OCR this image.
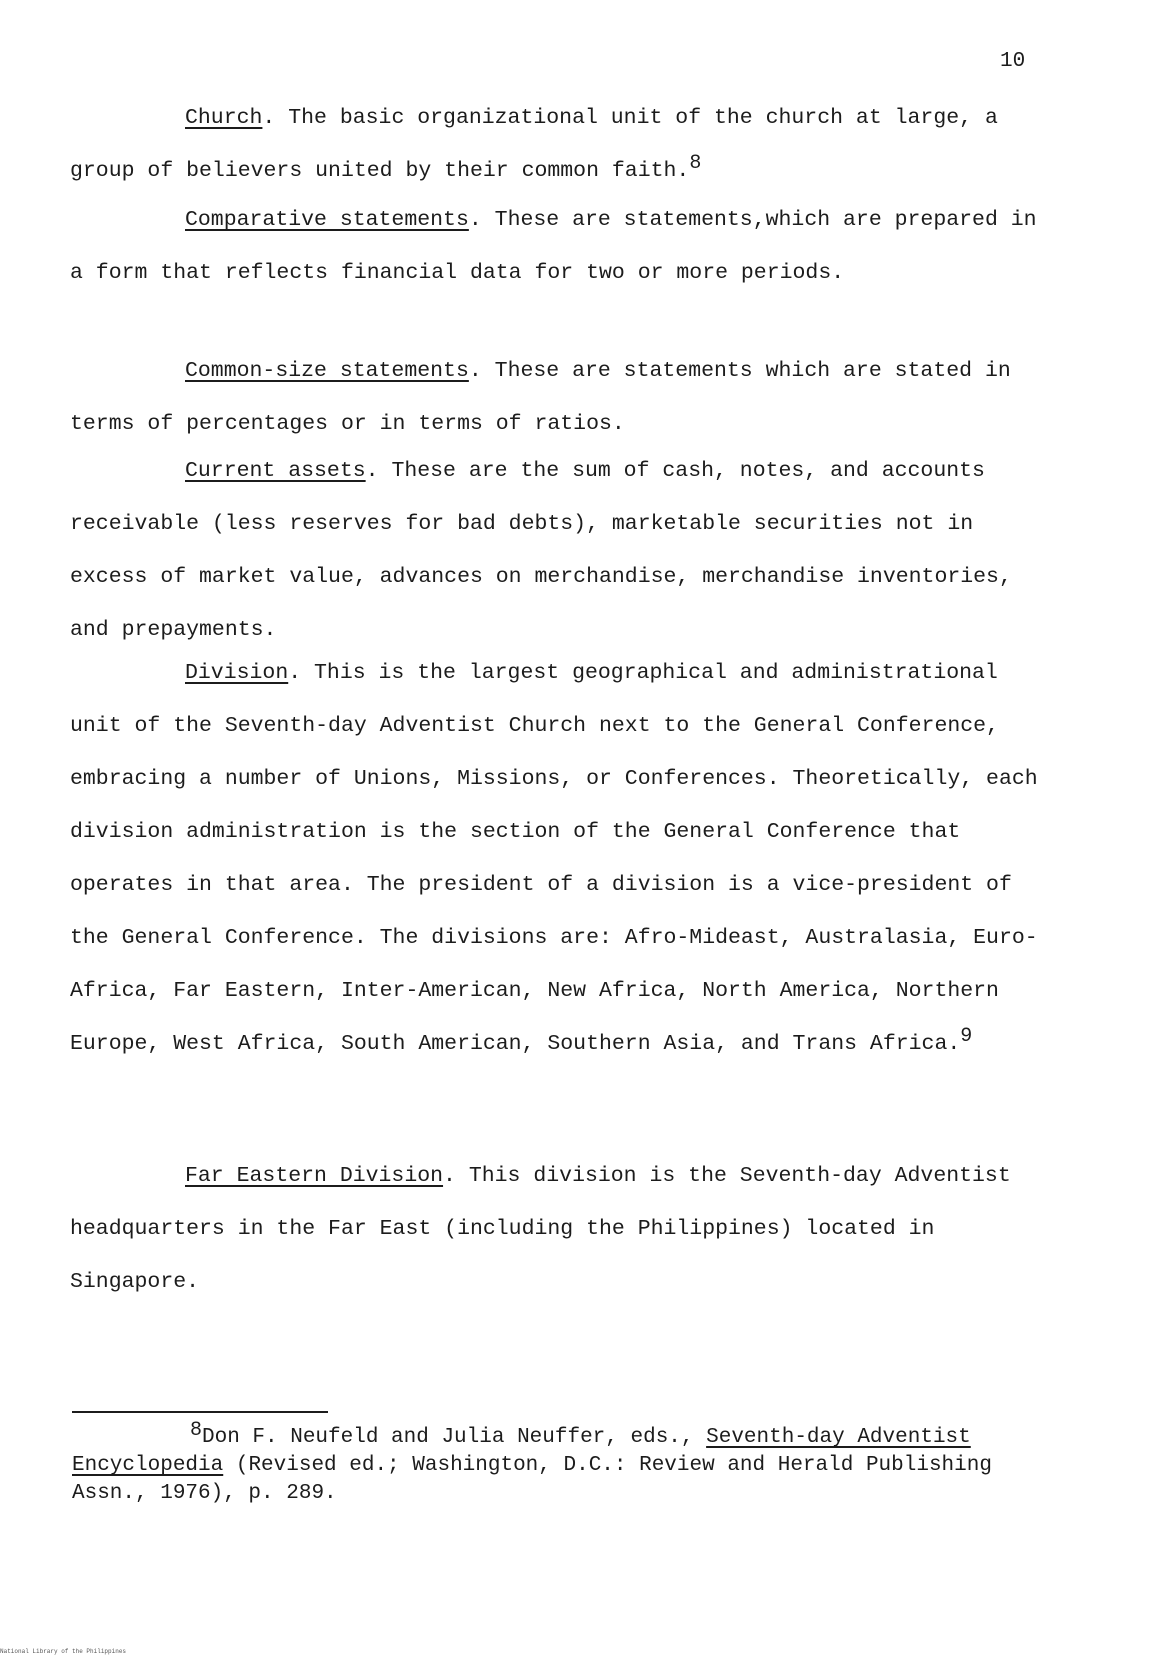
10
Church. The basic organizational unit of the church at large, a group of believers united by their common faith.$^8$
Comparative statements. These are statements,which are prepared in a form that reflects financial data for two or more periods.
Common-size statements. These are statements which are stated in terms of percentages or in terms of ratios.
Current assets. These are the sum of cash, notes, and accounts receivable (less reserves for bad debts), marketable securities not in excess of market value, advances on merchandise, merchandise inventories, and prepayments.
Division. This is the largest geographical and administrational unit of the Seventh-day Adventist Church next to the General Conference, embracing a number of Unions, Missions, or Conferences. Theoretically, each division administration is the section of the General Conference that operates in that area. The president of a division is a vice-president of the General Conference. The divisions are: Afro-Mideast, Australasia, Euro-Africa, Far Eastern, Inter-American, New Africa, North America, Northern Europe, West Africa, South American, Southern Asia, and Trans Africa.$^9$
Far Eastern Division. This division is the Seventh-day Adventist headquarters in the Far East (including the Philippines) located in Singapore.
8Don F. Neufeld and Julia Neuffer, eds., Seventh-day Adventist Encyclopedia (Revised ed.; Washington, D.C.: Review and Herald Publishing Assn., 1976), p. 289.
National Library of the Philippines
